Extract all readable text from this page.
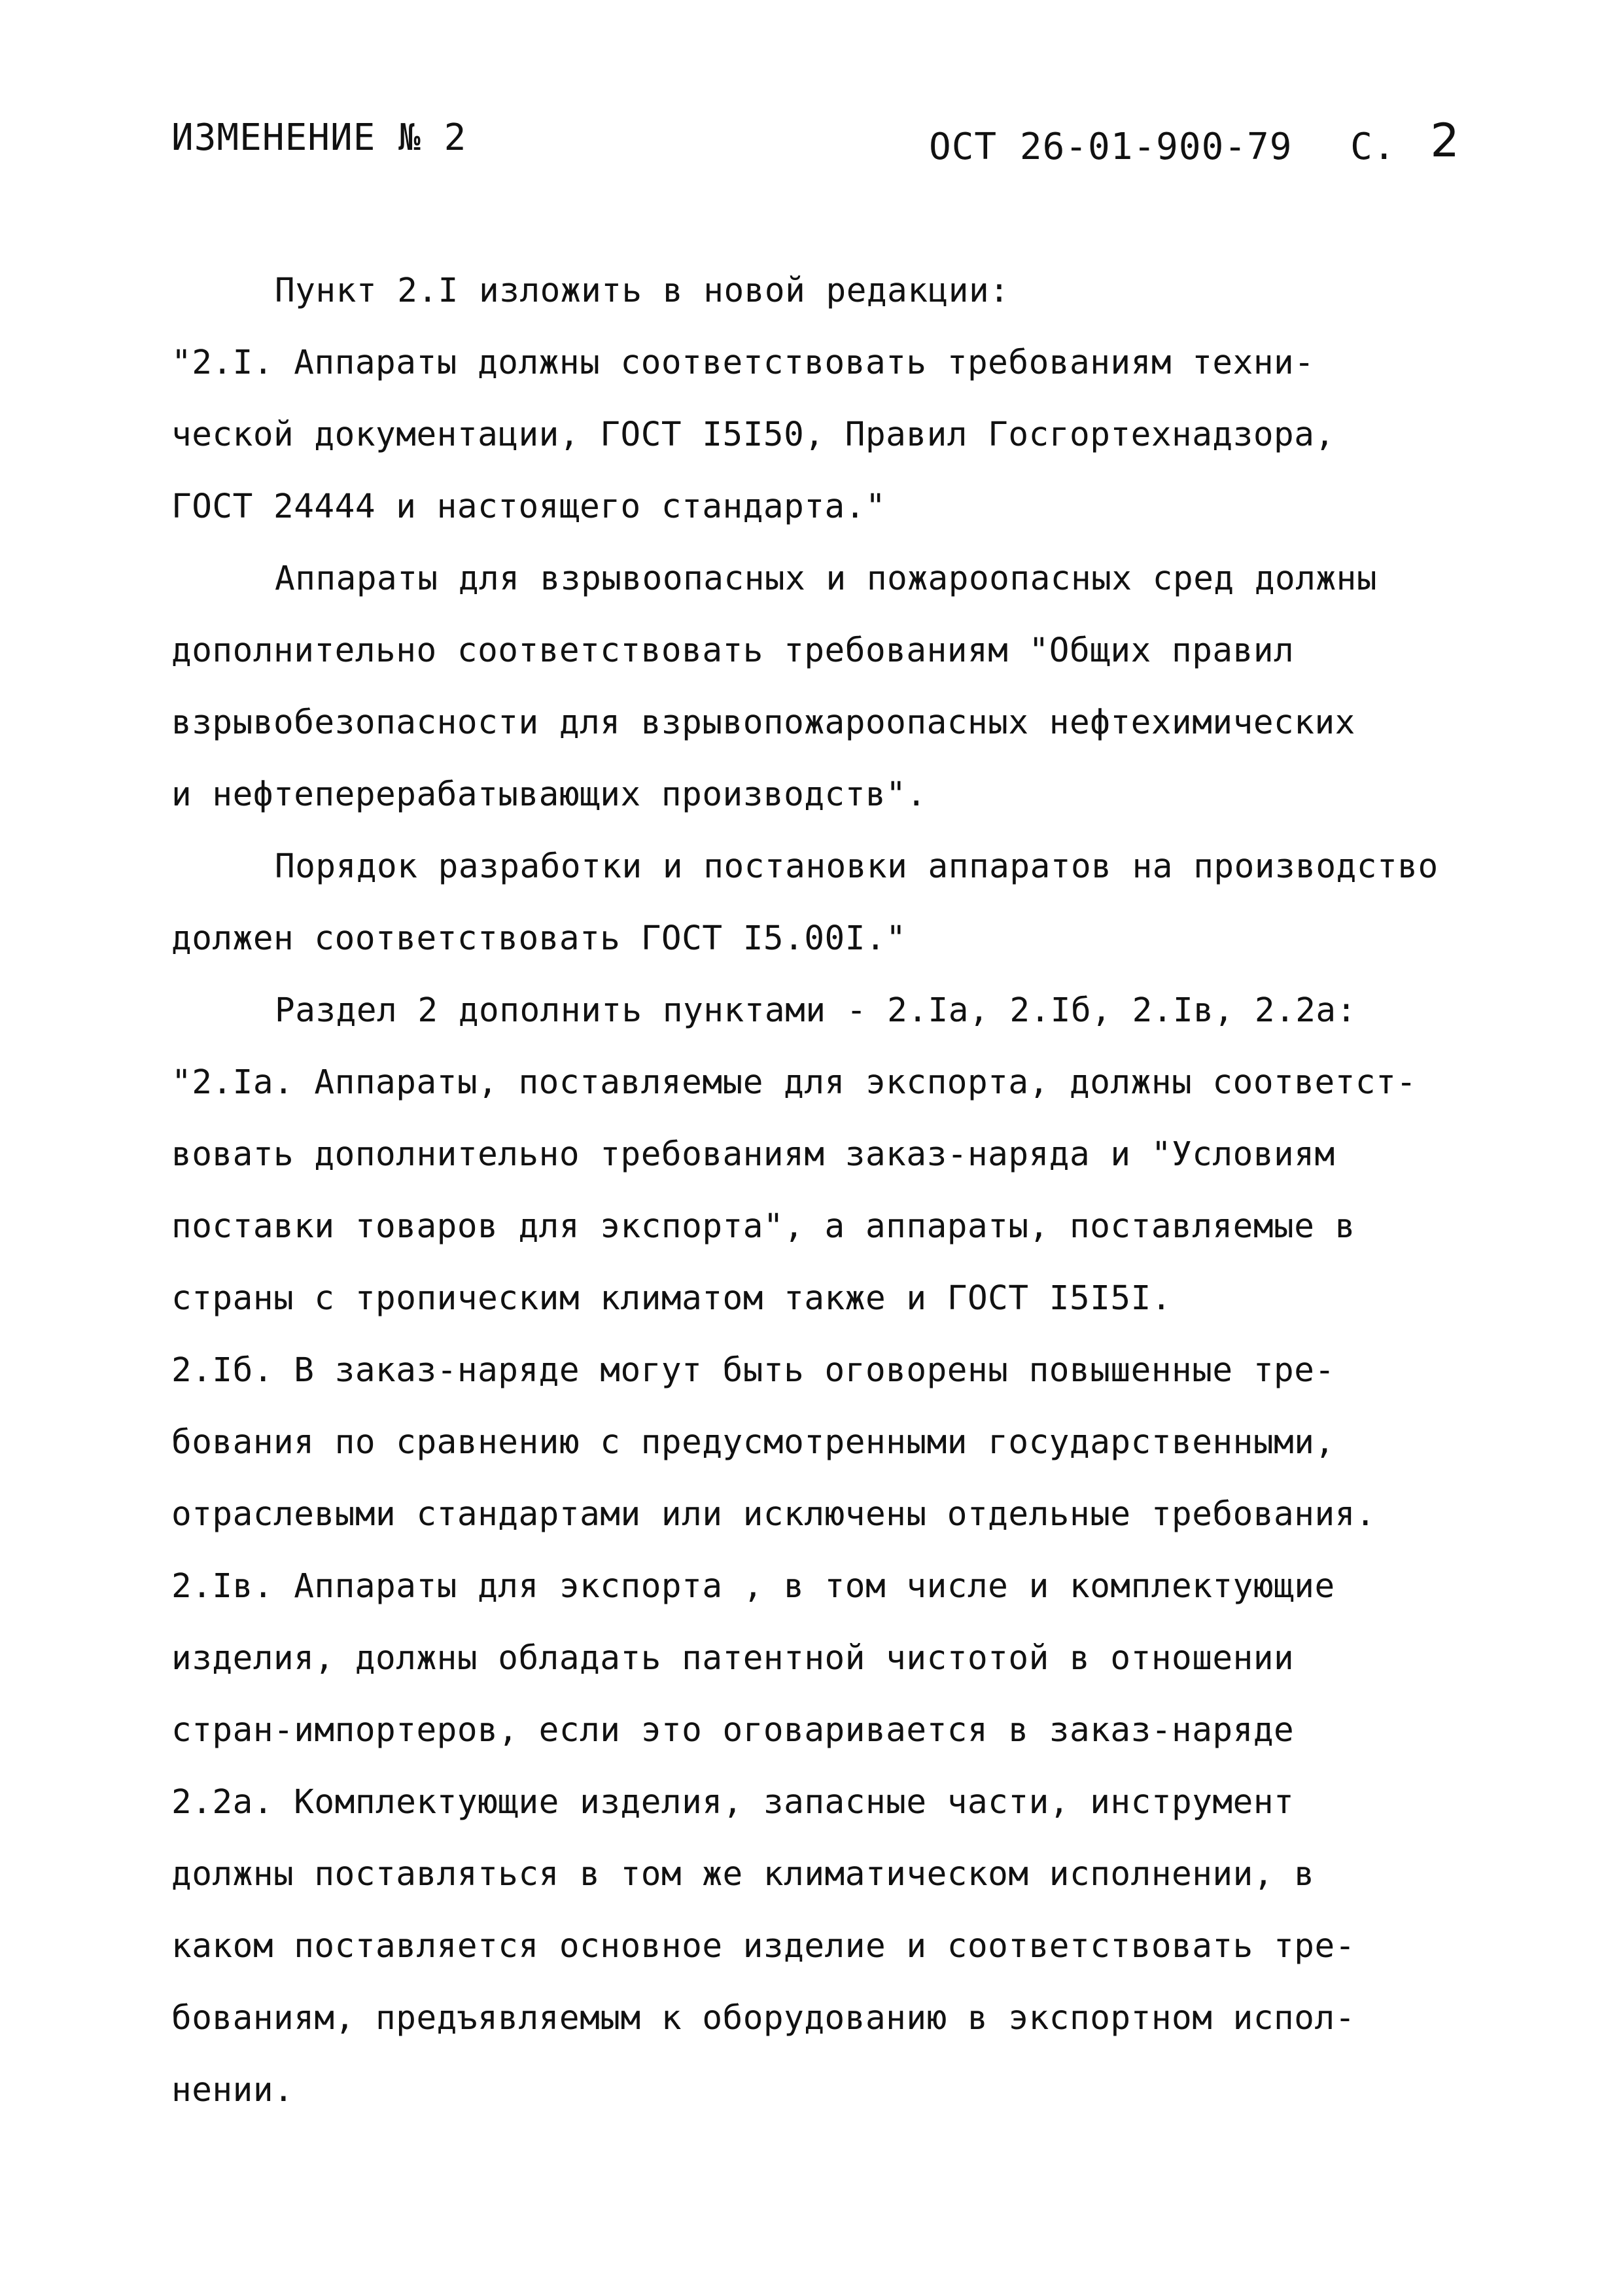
ИЗМЕНЕНИЕ № 2	ОСТ 26-01-900-79 С. 2
Пункт 2.I изложить в новой редакции:
"2.I. Аппараты должны соответствовать требованиям техни-
ческой документации, ГОСТ I5I50, Правил Госгортехнадзора,
ГОСТ 24444 и настоящего стандарта."
Аппараты для взрывоопасных и пожароопасных сред должны
дополнительно соответствовать требованиям "Общих правил
взрывобезопасности для взрывопожароопасных нефтехимических
и нефтеперерабатывающих производств".
Порядок разработки и постановки аппаратов на производство
должен соответствовать ГОСТ I5.00I."
Раздел 2 дополнить пунктами - 2.Iа, 2.Iб, 2.Iв, 2.2а:
"2.Iа. Аппараты, поставляемые для экспорта, должны соответст-
вовать дополнительно требованиям заказ-наряда и "Условиям
поставки товаров для экспорта", а аппараты, поставляемые в
страны с тропическим климатом также и ГОСТ I5I5I.
2.Iб. В заказ-наряде могут быть оговорены повышенные тре-
бования по сравнению с предусмотренными государственными,
отраслевыми стандартами или исключены отдельные требования.
2.Iв. Аппараты для экспорта , в том числе и комплектующие
изделия, должны обладать патентной чистотой в отношении
стран-импортеров, если это оговаривается в заказ-наряде
2.2а. Комплектующие изделия, запасные части, инструмент
должны поставляться в том же климатическом исполнении, в
каком поставляется основное изделие и соответствовать тре-
бованиям, предъявляемым к оборудованию в экспортном испол-
нении.
